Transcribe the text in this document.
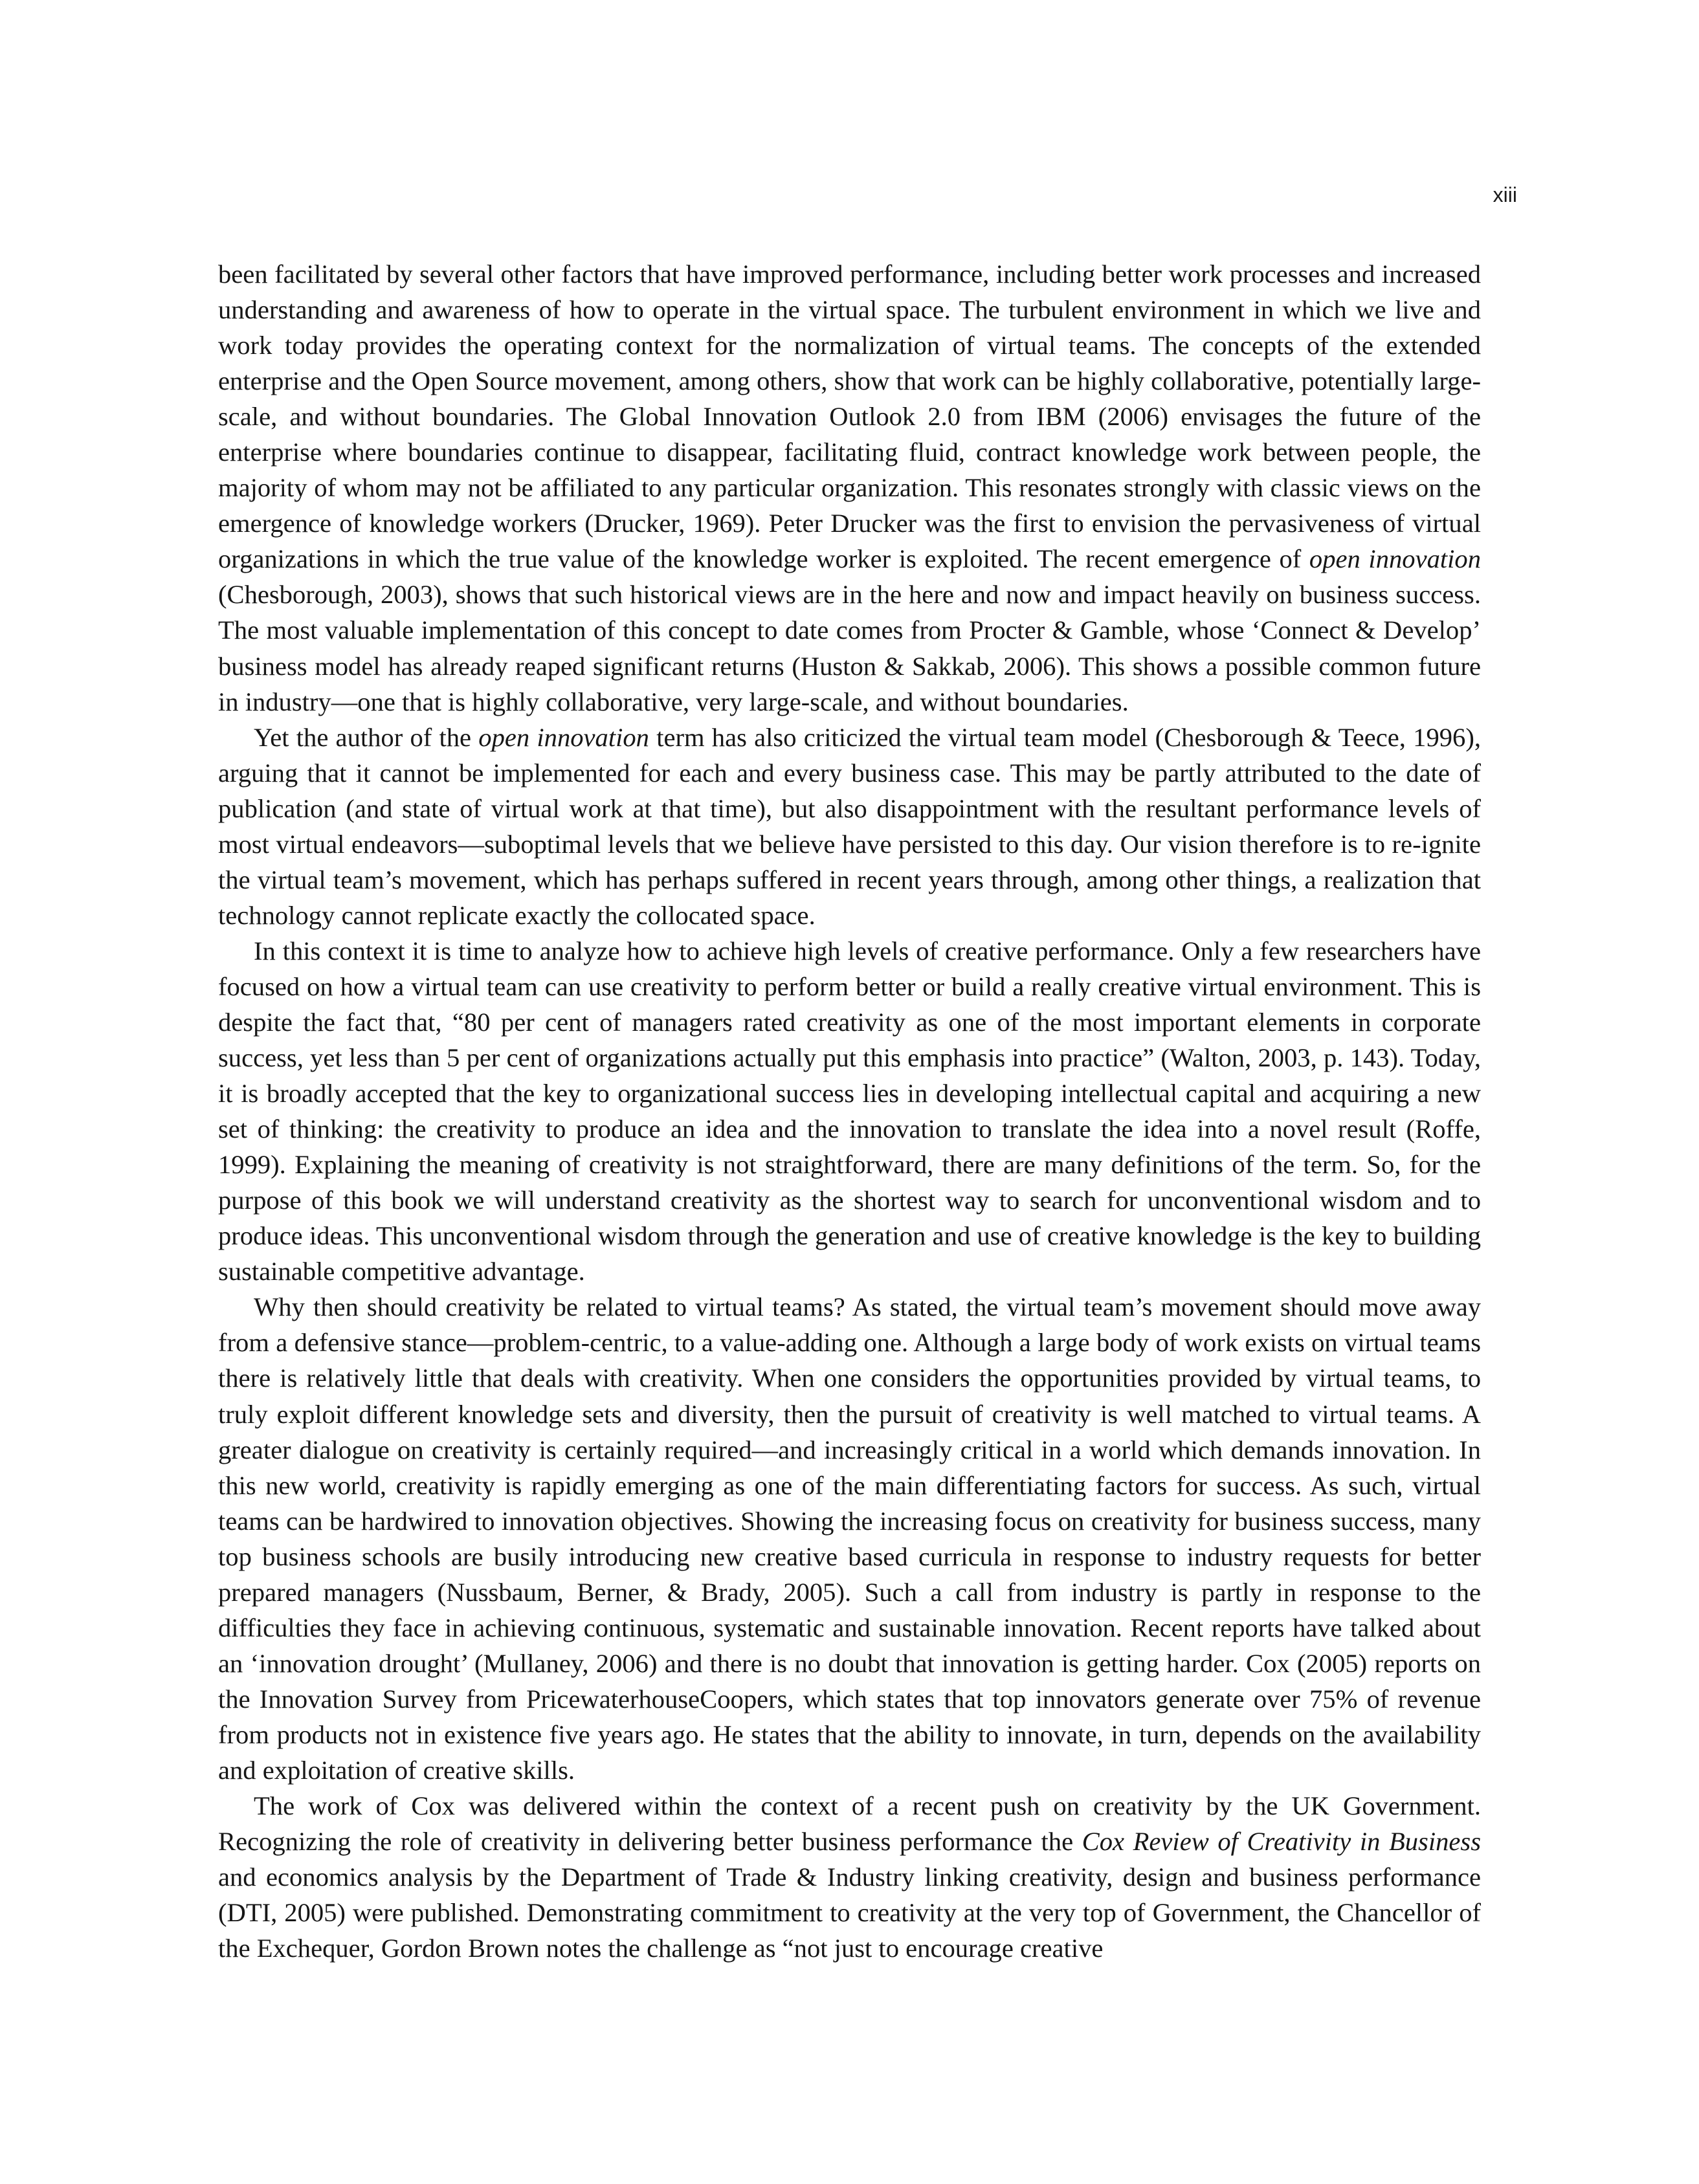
xiii

been facilitated by several other factors that have improved performance, including better work processes and increased understanding and awareness of how to operate in the virtual space. The turbulent environment in which we live and work today provides the operating context for the normalization of virtual teams. The concepts of the extended enterprise and the Open Source movement, among others, show that work can be highly collaborative, potentially large-scale, and without boundaries. The Global Innovation Outlook 2.0 from IBM (2006) envisages the future of the enterprise where boundaries continue to disappear, facilitating fluid, contract knowledge work between people, the majority of whom may not be affiliated to any particular organization. This resonates strongly with classic views on the emergence of knowledge workers (Drucker, 1969). Peter Drucker was the first to envision the pervasiveness of virtual organizations in which the true value of the knowledge worker is exploited. The recent emergence of open innovation (Chesborough, 2003), shows that such historical views are in the here and now and impact heavily on business success. The most valuable implementation of this concept to date comes from Procter & Gamble, whose ‘Connect & Develop’ business model has already reaped significant returns (Huston & Sakkab, 2006). This shows a possible common future in industry—one that is highly collaborative, very large-scale, and without boundaries.

Yet the author of the open innovation term has also criticized the virtual team model (Chesborough & Teece, 1996), arguing that it cannot be implemented for each and every business case. This may be partly attributed to the date of publication (and state of virtual work at that time), but also disappointment with the resultant performance levels of most virtual endeavors—suboptimal levels that we believe have persisted to this day. Our vision therefore is to re-ignite the virtual team’s movement, which has perhaps suffered in recent years through, among other things, a realization that technology cannot replicate exactly the collocated space.

In this context it is time to analyze how to achieve high levels of creative performance. Only a few researchers have focused on how a virtual team can use creativity to perform better or build a really creative virtual environment. This is despite the fact that, “80 per cent of managers rated creativity as one of the most important elements in corporate success, yet less than 5 per cent of organizations actually put this emphasis into practice” (Walton, 2003, p. 143). Today, it is broadly accepted that the key to organizational success lies in developing intellectual capital and acquiring a new set of thinking: the creativity to produce an idea and the innovation to translate the idea into a novel result (Roffe, 1999). Explaining the meaning of creativity is not straightforward, there are many definitions of the term. So, for the purpose of this book we will understand creativity as the shortest way to search for unconventional wisdom and to produce ideas. This unconventional wisdom through the generation and use of creative knowledge is the key to building sustainable competitive advantage.

Why then should creativity be related to virtual teams? As stated, the virtual team’s movement should move away from a defensive stance—problem-centric, to a value-adding one. Although a large body of work exists on virtual teams there is relatively little that deals with creativity. When one considers the opportunities provided by virtual teams, to truly exploit different knowledge sets and diversity, then the pursuit of creativity is well matched to virtual teams. A greater dialogue on creativity is certainly required—and increasingly critical in a world which demands innovation. In this new world, creativity is rapidly emerging as one of the main differentiating factors for success. As such, virtual teams can be hardwired to innovation objectives. Showing the increasing focus on creativity for business success, many top business schools are busily introducing new creative based curricula in response to industry requests for better prepared managers (Nussbaum, Berner, & Brady, 2005). Such a call from industry is partly in response to the difficulties they face in achieving continuous, systematic and sustainable innovation. Recent reports have talked about an ‘innovation drought’ (Mullaney, 2006) and there is no doubt that innovation is getting harder. Cox (2005) reports on the Innovation Survey from PricewaterhouseCoopers, which states that top innovators generate over 75% of revenue from products not in existence five years ago. He states that the ability to innovate, in turn, depends on the availability and exploitation of creative skills.

The work of Cox was delivered within the context of a recent push on creativity by the UK Government. Recognizing the role of creativity in delivering better business performance the Cox Review of Creativity in Business and economics analysis by the Department of Trade & Industry linking creativity, design and business performance (DTI, 2005) were published. Demonstrating commitment to creativity at the very top of Government, the Chancellor of the Exchequer, Gordon Brown notes the challenge as “not just to encourage creative
